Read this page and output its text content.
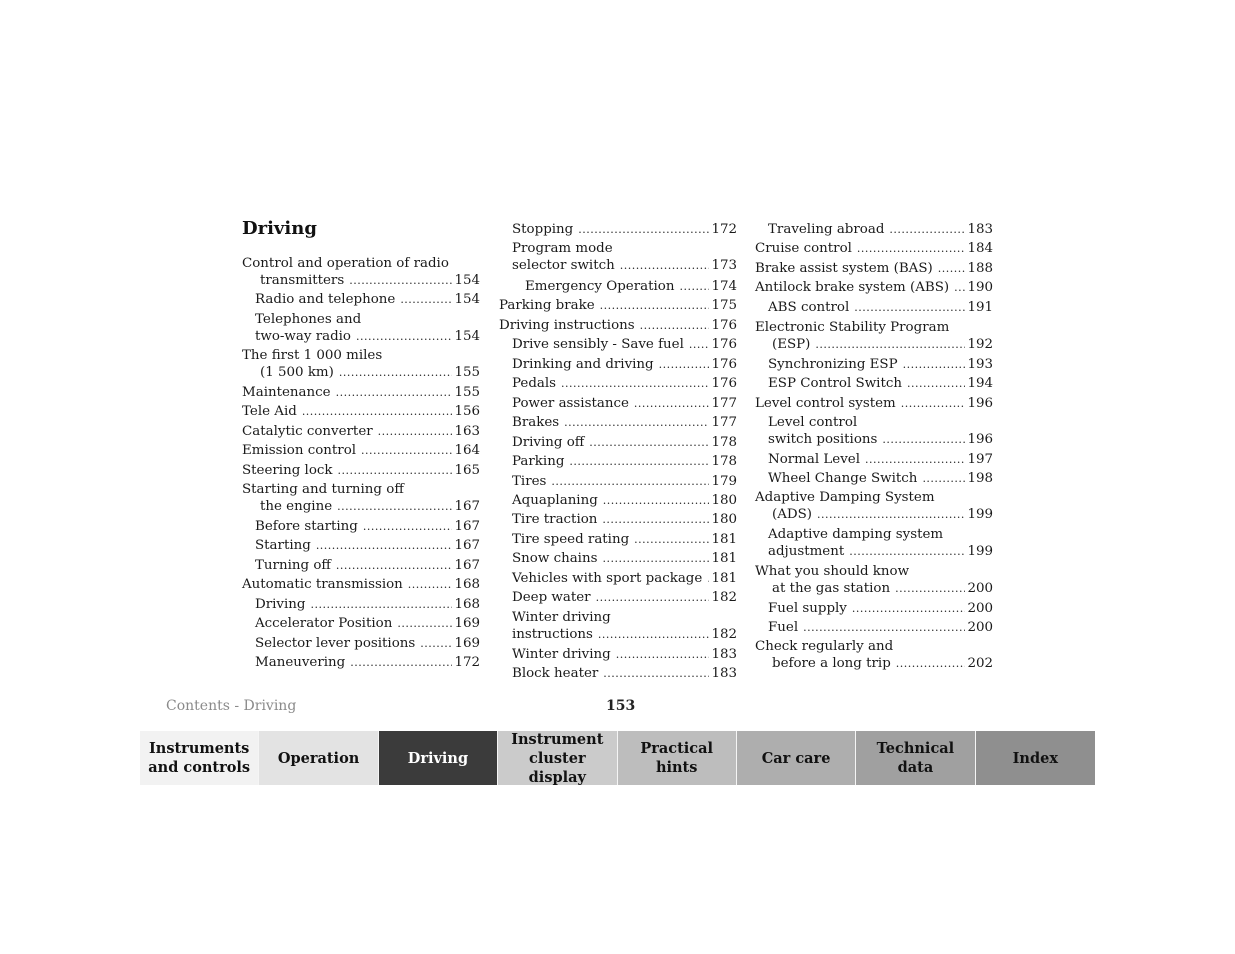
Driving
Control and operation of radio
transmitters .....	154
Radio and telephone .....	154
Telephones and
two-way radio .....	154
The first 1 000 miles
(1 500 km) .....	155
Maintenance .....	155
Tele Aid .....	156
Catalytic converter .....	163
Emission control .....	164
Steering lock .....	165
Starting and turning off
the engine .....	167
Before starting .....	167
Starting .....	167
Turning off .....	167
Automatic transmission .....	168
Driving .....	168
Accelerator Position .....	169
Selector lever positions .....	169
Maneuvering .....	172
Stopping .....	172
Program mode
selector switch .....	173
Emergency Operation .....	174
Parking brake .....	175
Driving instructions .....	176
Drive sensibly - Save fuel ..... 176
Drinking and driving .....	176
Pedals .....	176
Power assistance .....	177
Brakes .....	177
Driving off .....	178
Parking .....	178
Tires .....	179
Aquaplaning .....	180
Tire traction .....	180
Tire speed rating .....	181
Snow chains .....	181
Vehicles with sport package ..... 181
Deep water .....	182
Winter driving
instructions .....	182
Winter driving .....	183
Block heater .....	183
Traveling abroad .....	183
Cruise control .....	184
Brake assist system (BAS) .....	188
Antilock brake system (ABS) ..... 190
ABS control .....	191
Electronic Stability Program
(ESP) .....	192
Synchronizing ESP .....	193
ESP Control Switch .....	194
Level control system .....	196
Level control
switch positions .....	196
Normal Level .....	197
Wheel Change Switch .....	198
Adaptive Damping System
(ADS) .....	199
Adaptive damping system
adjustment .....	199
What you should know
at the gas station .....	200
Fuel supply .....	200
Fuel .....	200
Check regularly and
before a long trip .....	202
Contents - Driving	153
Instruments
and controls
Operation	Driving
Instrument
cluster display
Practical hints
Car care
Technical
data
Index
